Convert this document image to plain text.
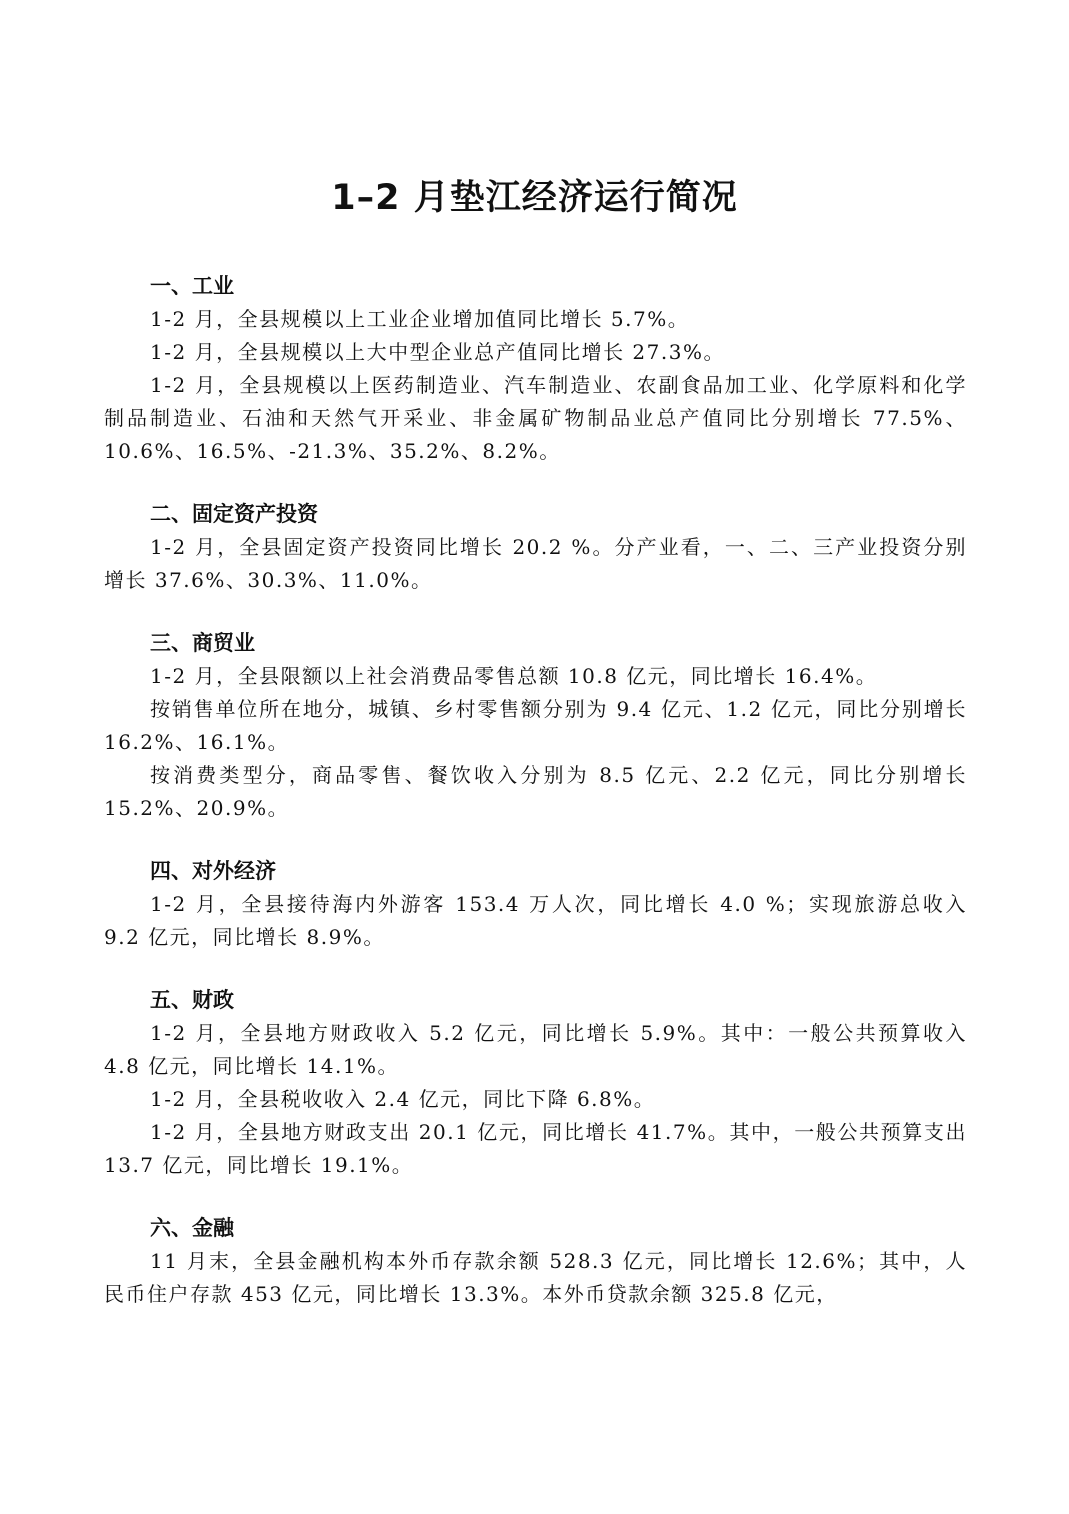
1–2 月垫江经济运行简况

一、工业

1-2 月，全县规模以上工业企业增加值同比增长 5.7%。

1-2 月，全县规模以上大中型企业总产值同比增长 27.3%。

1-2 月，全县规模以上医药制造业、汽车制造业、农副食品加工业、化学原料和化学制品制造业、石油和天然气开采业、非金属矿物制品业总产值同比分别增长 77.5%、10.6%、16.5%、-21.3%、35.2%、8.2%。

二、固定资产投资

1-2 月，全县固定资产投资同比增长 20.2 %。分产业看，一、二、三产业投资分别增长 37.6%、30.3%、11.0%。

三、商贸业

1-2 月，全县限额以上社会消费品零售总额 10.8 亿元，同比增长 16.4%。

按销售单位所在地分，城镇、乡村零售额分别为 9.4 亿元、1.2 亿元，同比分别增长 16.2%、16.1%。

按消费类型分，商品零售、餐饮收入分别为 8.5 亿元、2.2 亿元，同比分别增长 15.2%、20.9%。

四、对外经济

1-2 月，全县接待海内外游客 153.4 万人次，同比增长 4.0 %；实现旅游总收入 9.2 亿元，同比增长 8.9%。

五、财政

1-2 月，全县地方财政收入 5.2 亿元，同比增长 5.9%。其中：一般公共预算收入 4.8 亿元，同比增长 14.1%。

1-2 月，全县税收收入 2.4 亿元，同比下降 6.8%。

1-2 月，全县地方财政支出 20.1 亿元，同比增长 41.7%。其中，一般公共预算支出 13.7 亿元，同比增长 19.1%。

六、金融

11 月末，全县金融机构本外币存款余额 528.3 亿元，同比增长 12.6%；其中，人民币住户存款 453 亿元，同比增长 13.3%。本外币贷款余额 325.8 亿元，
